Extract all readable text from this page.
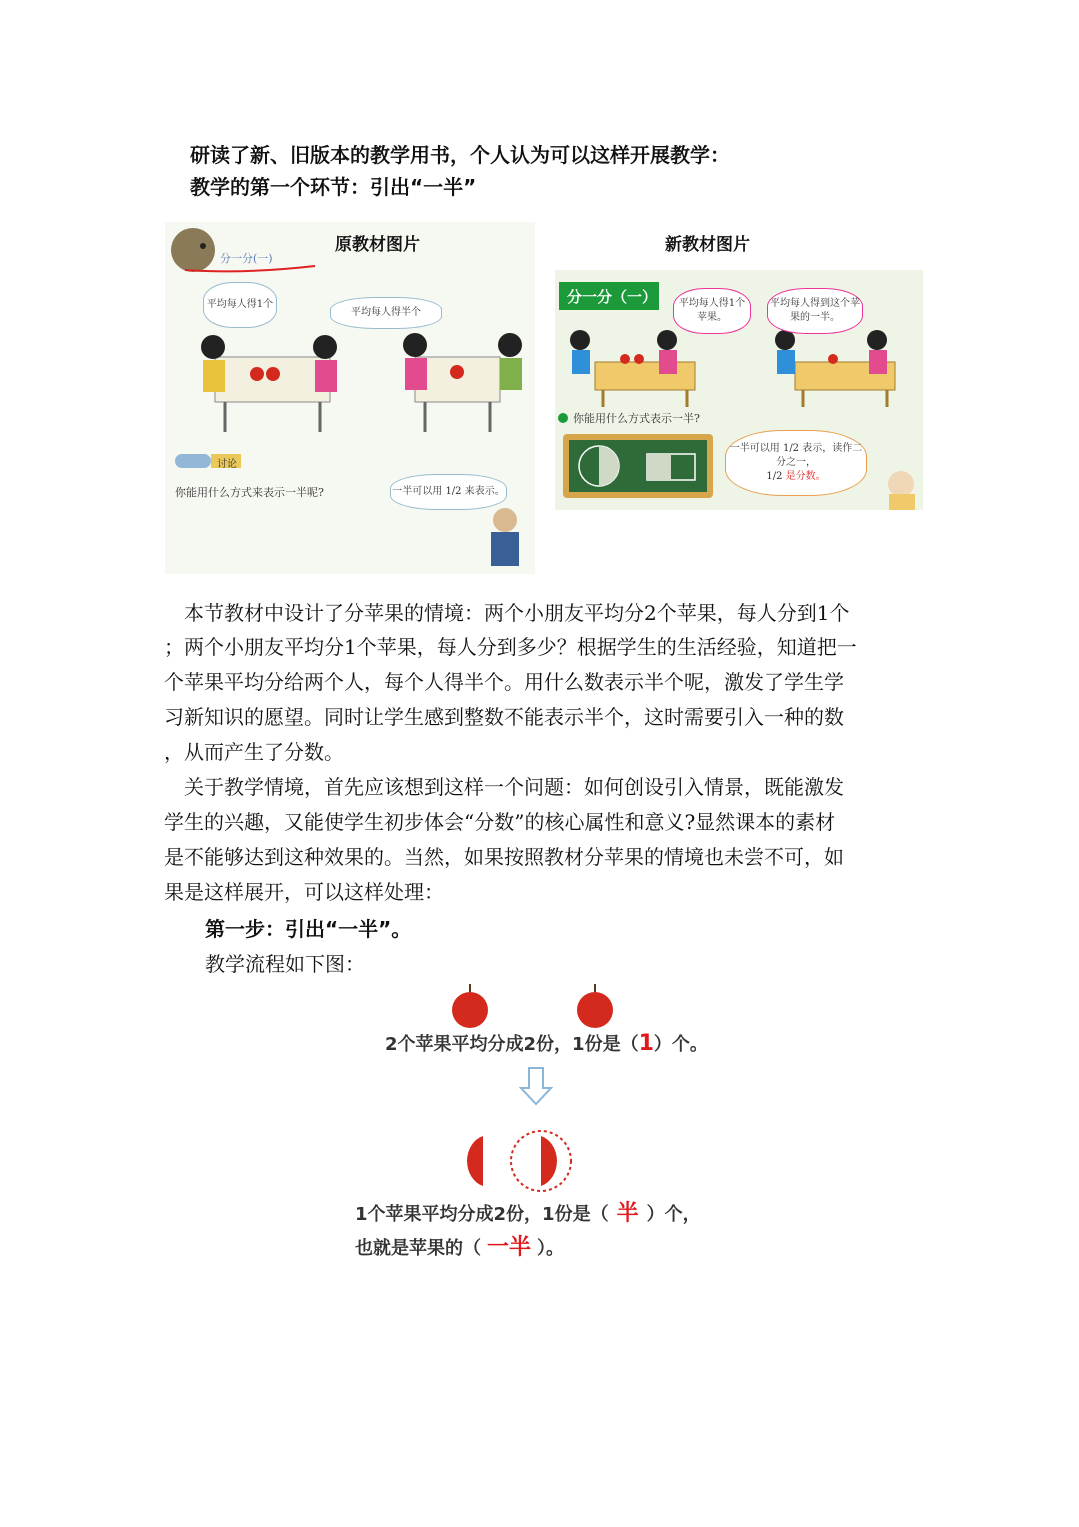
研读了新、旧版本的教学用书，个人认为可以这样开展教学：
教学的第一个环节：引出“一半”
原教材图片
分一分(一)
平均每人得1个
平均每人得半个
讨论
你能用什么方式来表示一半呢?	一半可以用 1/2 来表示。
新教材图片
分一分（一）	平均每人得1个苹果。
平均每人得到这个苹果的一半。
你能用什么方式表示一半?
一半可以用 1/2 表示，读作二分之一，
1/2 是分数。
　本节教材中设计了分苹果的情境：两个小朋友平均分2个苹果，每人分到1个
；两个小朋友平均分1个苹果，每人分到多少？根据学生的生活经验，知道把一
个苹果平均分给两个人，每个人得半个。用什么数表示半个呢，激发了学生学
习新知识的愿望。同时让学生感到整数不能表示半个，这时需要引入一种的数
，从而产生了分数。
　关于教学情境，首先应该想到这样一个问题：如何创设引入情景，既能激发
学生的兴趣，又能使学生初步体会“分数”的核心属性和意义?显然课本的素材
是不能够达到这种效果的。当然，如果按照教材分苹果的情境也未尝不可，如
果是这样展开，可以这样处理：
第一步：引出“一半”。
教学流程如下图：
2个苹果平均分成2份，1份是（1）个。
1个苹果平均分成2份，1份是（ 半 ）个，
也就是苹果的（ 一半 ）。
